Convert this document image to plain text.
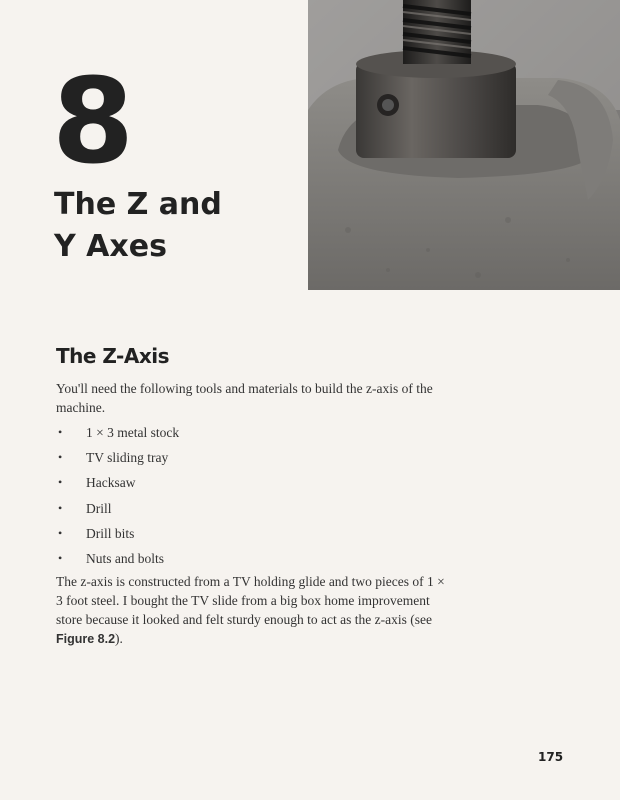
8
The Z and
Y Axes
The Z-Axis
You'll need the following tools and materials to build the z-axis of the machine.
• 1 × 3 metal stock
• TV sliding tray
• Hacksaw
• Drill
• Drill bits
• Nuts and bolts
The z-axis is constructed from a TV holding glide and two pieces of 1 × 3 foot steel. I bought the TV slide from a big box home improvement store because it looked and felt sturdy enough to act as the z-axis (see Figure 8.2).
175
